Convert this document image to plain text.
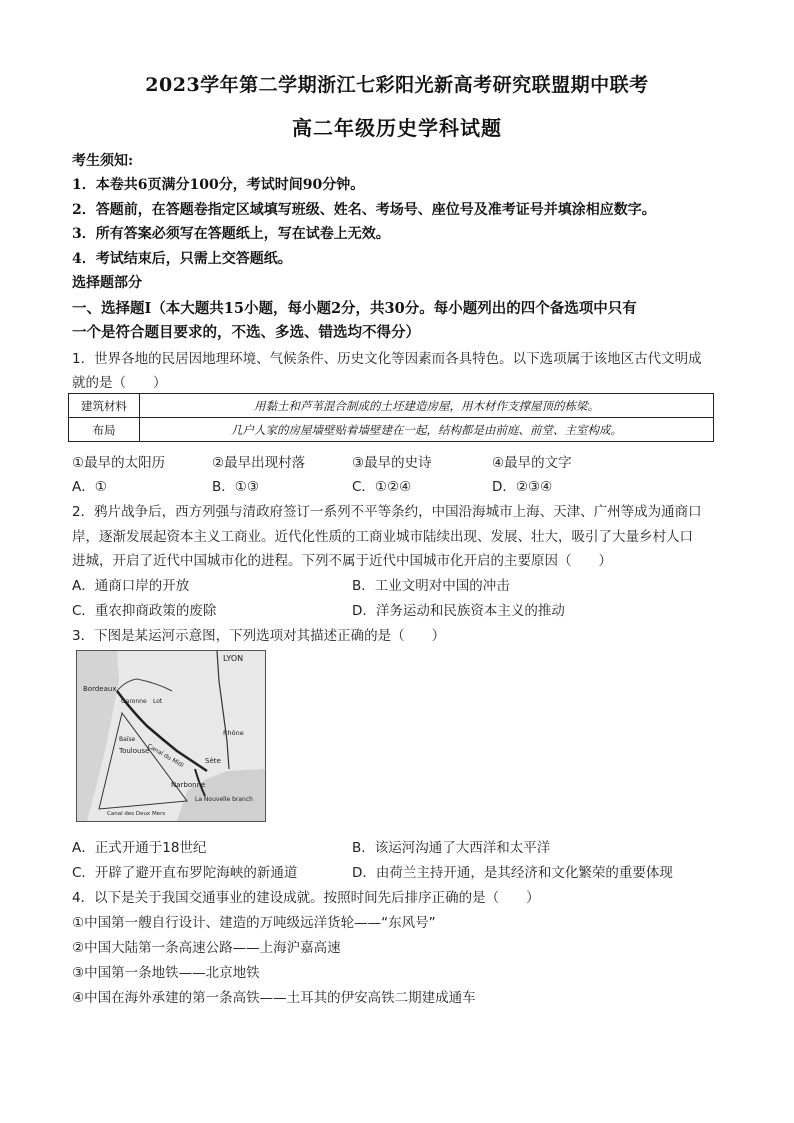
2023学年第二学期浙江七彩阳光新高考研究联盟期中联考
高二年级历史学科试题
考生须知:
1．本卷共6页满分100分，考试时间90分钟。
2．答题前，在答题卷指定区域填写班级、姓名、考场号、座位号及准考证号并填涂相应数字。
3．所有答案必须写在答题纸上，写在试卷上无效。
4．考试结束后，只需上交答题纸。
选择题部分
一、选择题Ⅰ（本大题共15小题，每小题2分，共30分。每小题列出的四个备选项中只有
一个是符合题目要求的，不选、多选、错选均不得分）
1．世界各地的民居因地理环境、气候条件、历史文化等因素而各具特色。以下选项属于该地区古代文明成
就的是（　　）
建筑材料	用黏土和芦苇混合制成的土坯建造房屋，用木材作支撑屋顶的栋梁。
布局	几户人家的房屋墙壁贴着墙壁建在一起，结构都是由前庭、前堂、主室构成。
①最早的太阳历	②最早出现村落	③最早的史诗	④最早的文字
A．①	B．①③	C．①②④	D．②③④
2．鸦片战争后，西方列强与清政府签订一系列不平等条约，中国沿海城市上海、天津、广州等成为通商口
岸，逐渐发展起资本主义工商业。近代化性质的工商业城市陆续出现、发展、壮大，吸引了大量乡村人口
进城，开启了近代中国城市化的进程。下列不属于近代中国城市化开启的主要原因（　　）
A．通商口岸的开放	B．工业文明对中国的冲击
C．重农抑商政策的废除	D．洋务运动和民族资本主义的推动
3．下图是某运河示意图，下列选项对其描述正确的是（　　）
LYON
Bordeaux
Garonne Lot
Baïse
Toulouse
Canal du Midi	Sète
Rhône
Narbonne
La Nouvelle branch
Canal des Deux Mers
A．正式开通于18世纪	B．该运河沟通了大西洋和太平洋
C．开辟了避开直布罗陀海峡的新通道	D．由荷兰主持开通，是其经济和文化繁荣的重要体现
4．以下是关于我国交通事业的建设成就。按照时间先后排序正确的是（　　）
①中国第一艘自行设计、建造的万吨级远洋货轮——“东风号”
②中国大陆第一条高速公路——上海沪嘉高速
③中国第一条地铁——北京地铁
④中国在海外承建的第一条高铁——土耳其的伊安高铁二期建成通车
